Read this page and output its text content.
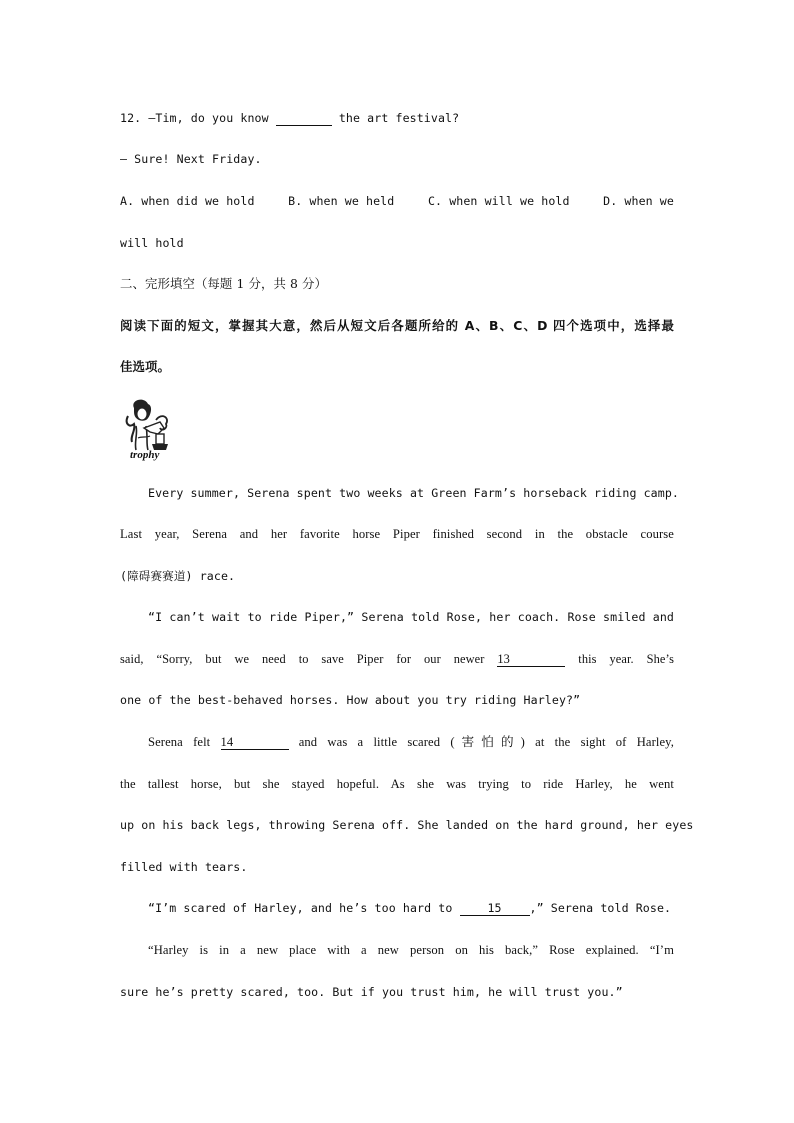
12. —Tim, do you know	the art festival?
— Sure! Next Friday.
A. when did we hold	B. when we held	C. when will we hold	D. when we
will hold
二、完形填空（每题 1 分，共 8 分）
阅读下面的短文，掌握其大意，然后从短文后各题所给的 A、B、C、D 四个选项中，选择最
佳选项。
Every summer, Serena spent two weeks at Green Farm’s horseback riding camp.
Last year, Serena and her favorite horse Piper finished second in the obstacle course
(障碍赛赛道) race.
“I can’t wait to ride Piper,” Serena told Rose, her coach. Rose smiled and
said, “Sorry, but we need to save Piper for our newer 13	this year. She’s
one of the best-behaved horses. How about you try riding Harley?”
Serena felt 14	and was a little scared (害怕的) at the sight of Harley,
the tallest horse, but she stayed hopeful. As she was trying to ride Harley, he went
up on his back legs, throwing Serena off. She landed on the hard ground, her eyes
filled with tears.
“I’m scared of Harley, and he’s too hard to 15 ,” Serena told Rose.
“Harley is in a new place with a new person on his back,” Rose explained. “I’m
sure he’s pretty scared, too. But if you trust him, he will trust you.”
trophy
